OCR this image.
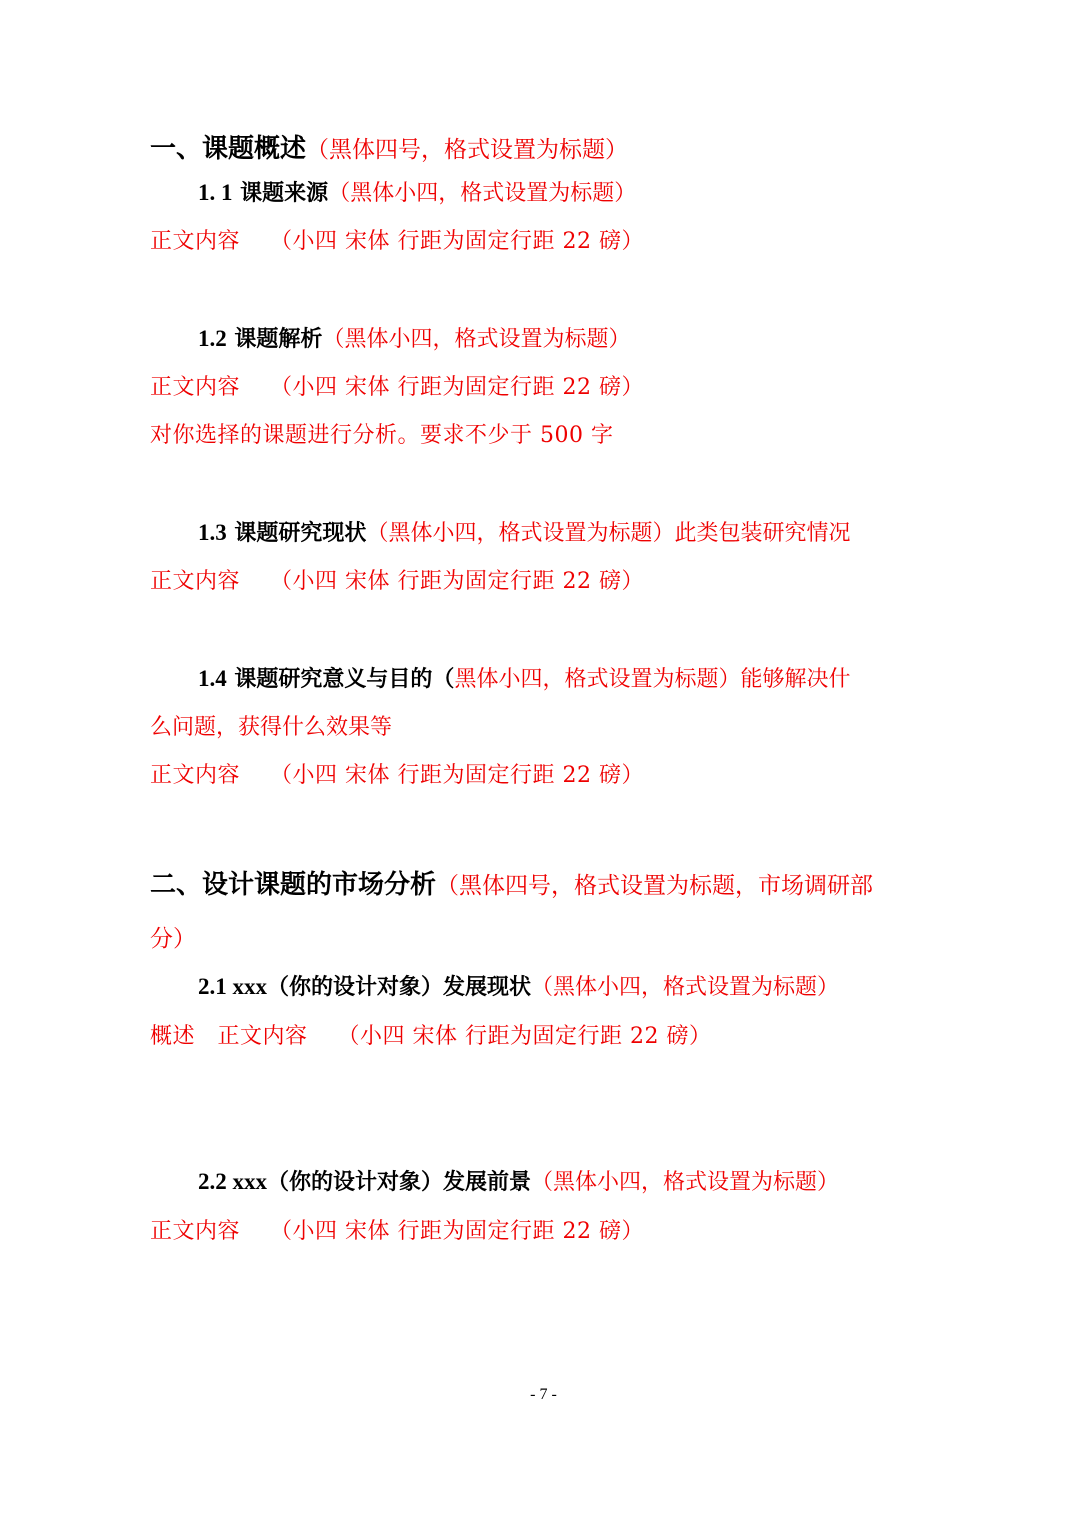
一、课题概述（黑体四号，格式设置为标题）
1. 1 课题来源（黑体小四，格式设置为标题）
正文内容　 （小四 宋体 行距为固定行距 22 磅）
1.2 课题解析（黑体小四，格式设置为标题）
正文内容　 （小四 宋体 行距为固定行距 22 磅）
对你选择的课题进行分析。要求不少于 500 字
1.3 课题研究现状（黑体小四，格式设置为标题）此类包装研究情况
正文内容　 （小四 宋体 行距为固定行距 22 磅）
1.4 课题研究意义与目的（黑体小四，格式设置为标题）能够解决什
么问题，获得什么效果等
正文内容　 （小四 宋体 行距为固定行距 22 磅）
二、设计课题的市场分析（黑体四号，格式设置为标题，市场调研部
分）
2.1 xxx（你的设计对象）发展现状（黑体小四，格式设置为标题）
概述　正文内容　 （小四 宋体 行距为固定行距 22 磅）
2.2 xxx（你的设计对象）发展前景（黑体小四，格式设置为标题）
正文内容　 （小四 宋体 行距为固定行距 22 磅）
- 7 -
